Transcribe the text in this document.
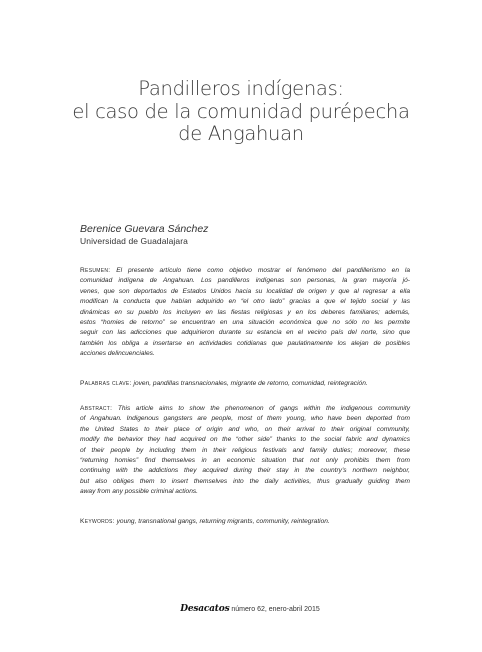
Pandilleros indígenas:
el caso de la comunidad purépecha
de Angahuan
Berenice Guevara Sánchez
Universidad de Guadalajara
Resumen: El presente artículo tiene como objetivo mostrar el fenómeno del pandillerismo en la
comunidad indígena de Angahuan. Los pandilleros indígenas son personas, la gran mayoría jó-
venes, que son deportados de Estados Unidos hacia su localidad de origen y que al regresar a ella
modifican la conducta que habían adquirido en “el otro lado” gracias a que el tejido social y las
dinámicas en su pueblo los incluyen en las fiestas religiosas y en los deberes familiares; además,
estos “homies de retorno” se encuentran en una situación económica que no sólo no les permite
seguir con las adicciones que adquirieron durante su estancia en el vecino país del norte, sino que
también los obliga a insertarse en actividades cotidianas que paulatinamente los alejan de posibles
acciones delincuenciales.
Palabras clave: joven, pandillas transnacionales, migrante de retorno, comunidad, reintegración.
Abstract: This article aims to show the phenomenon of gangs within the indigenous community
of Angahuan. Indigenous gangsters are people, most of them young, who have been deported from
the United States to their place of origin and who, on their arrival to their original community,
modify the behavior they had acquired on the “other side” thanks to the social fabric and dynamics
of their people by including them in their religious festivals and family duties; moreover, these
“returning homies” find themselves in an economic situation that not only prohibits them from
continuing with the addictions they acquired during their stay in the country’s northern neighbor,
but also obliges them to insert themselves into the daily activities, thus gradually guiding them
away from any possible criminal actions.
Keywords: young, transnational gangs, returning migrants, community, reintegration.
Desacatos número 62, enero-abril 2015
